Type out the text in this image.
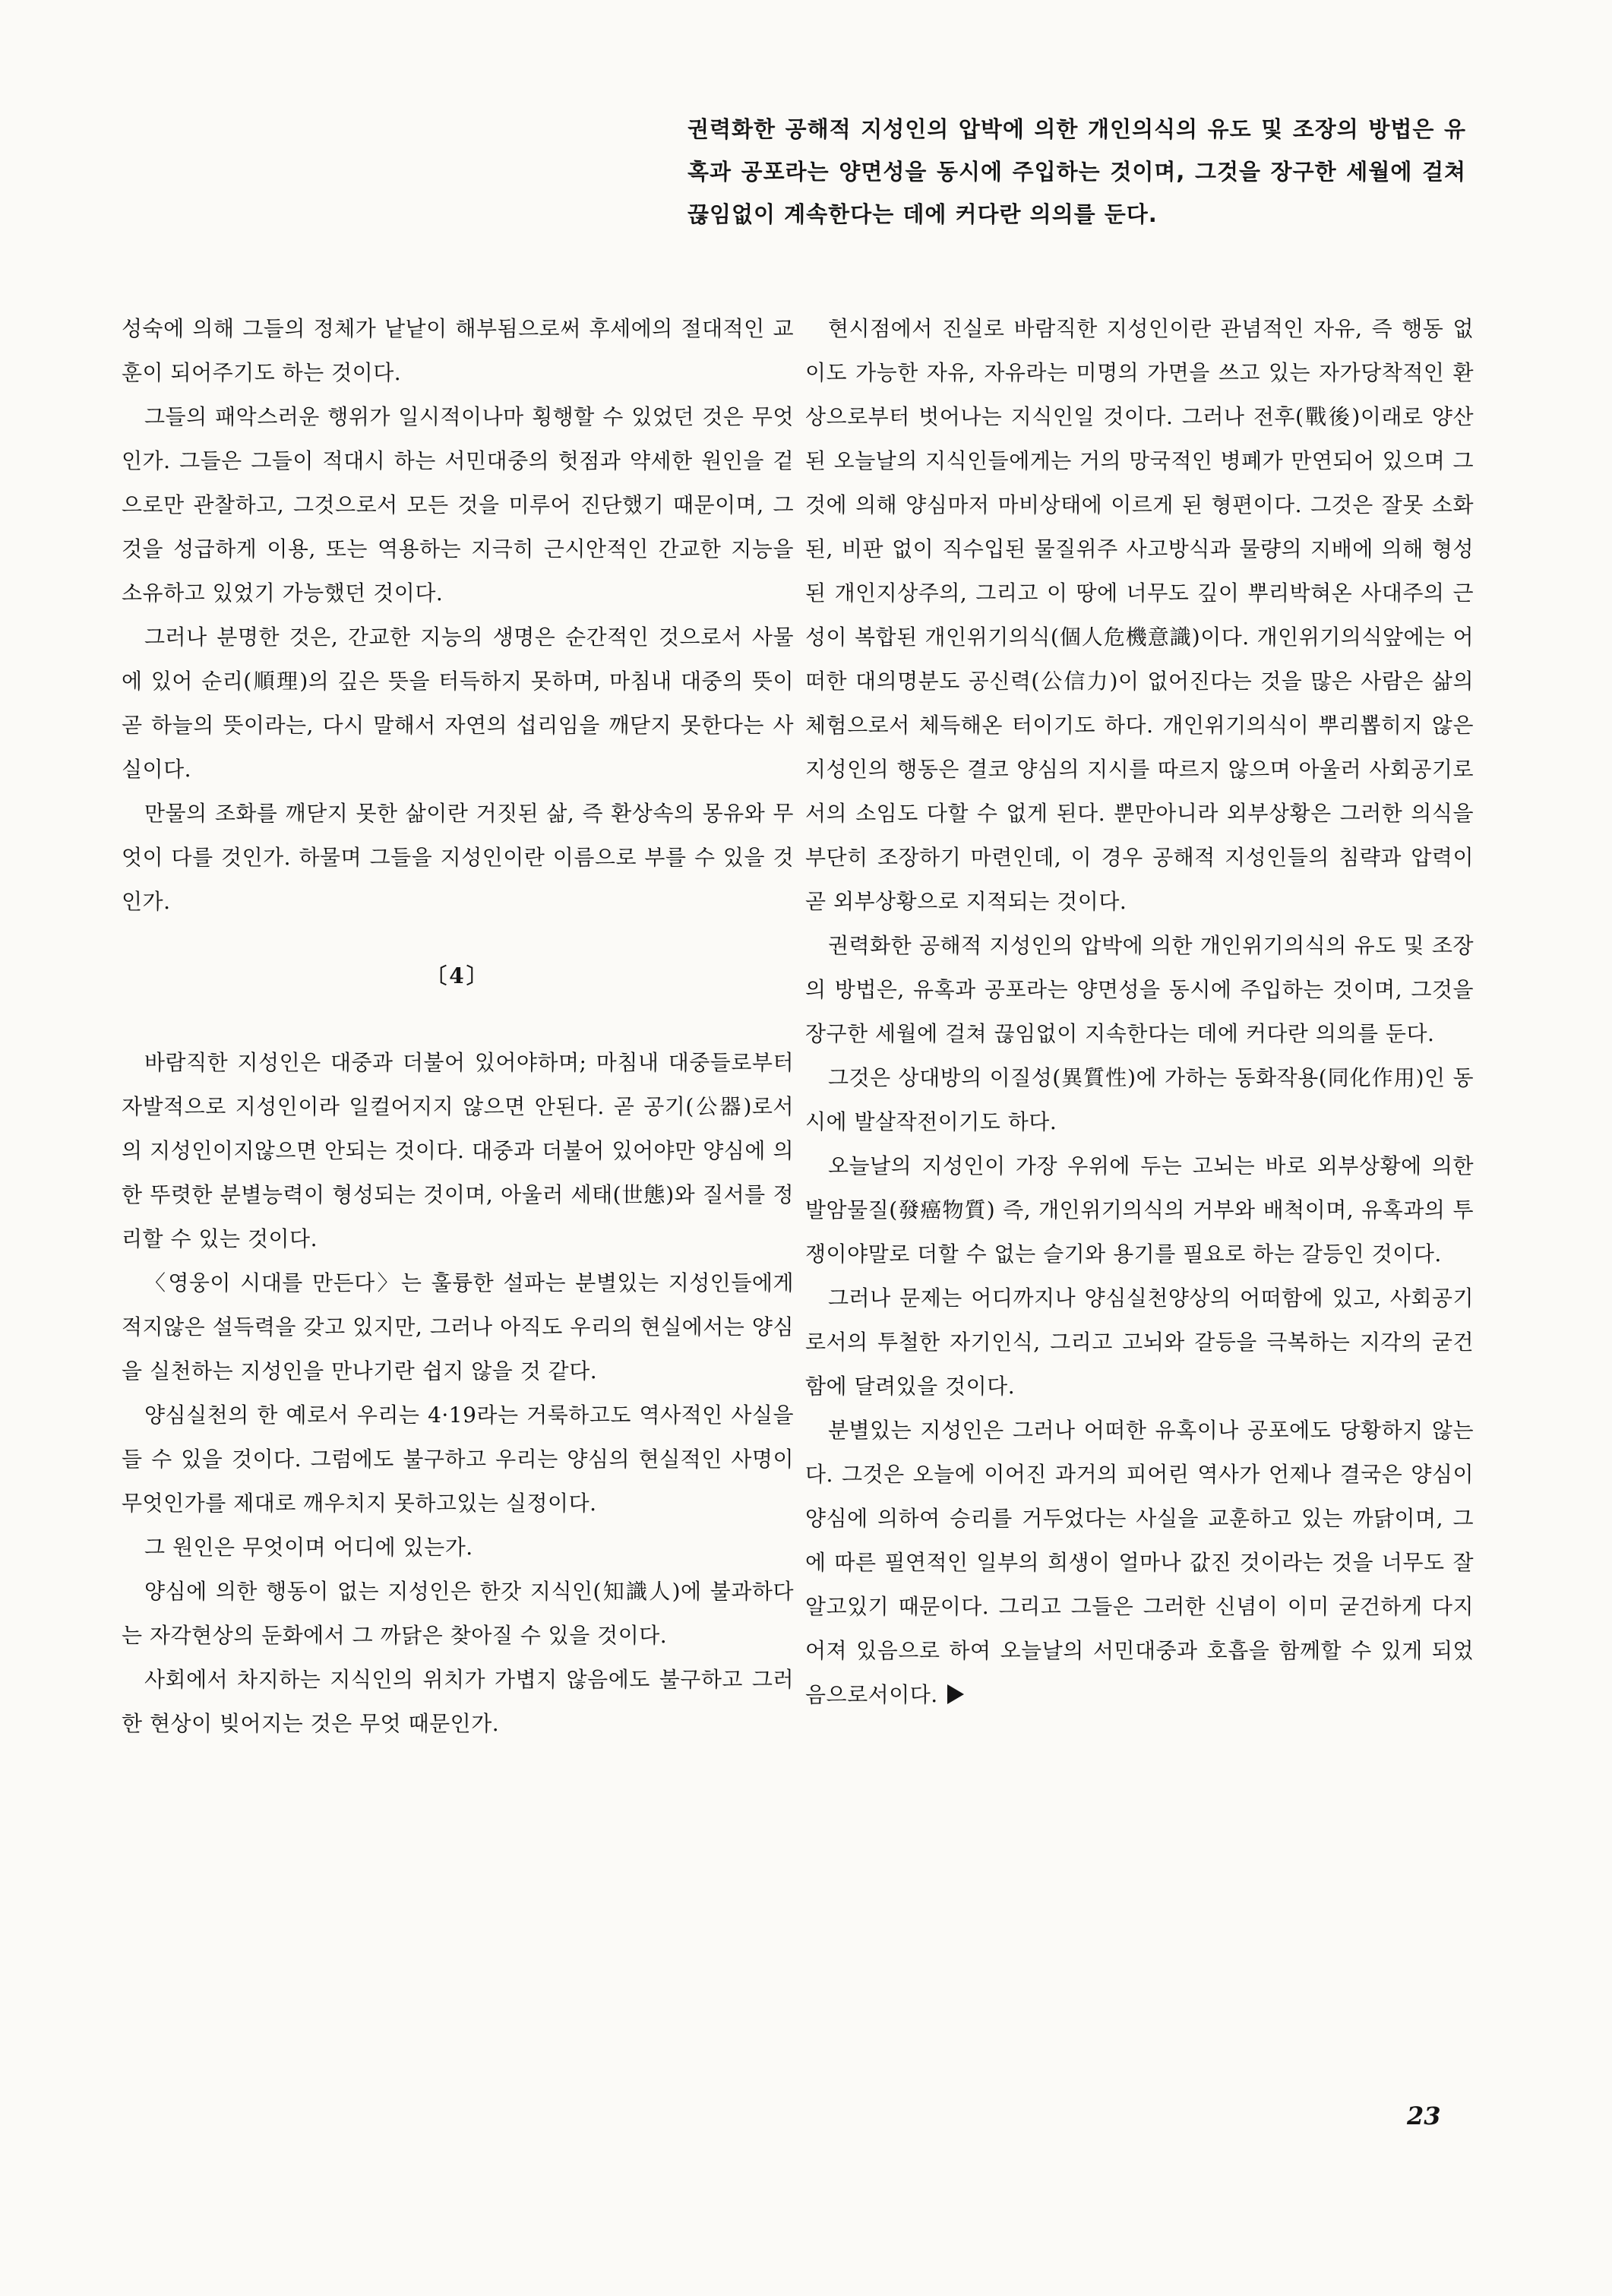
권력화한 공해적 지성인의 압박에 의한 개인의식의 유도 및 조장의 방법은 유혹과 공포라는 양면성을 동시에 주입하는 것이며, 그것을 장구한 세월에 걸쳐 끊임없이 계속한다는 데에 커다란 의의를 둔다.

성숙에 의해 그들의 정체가 낱낱이 해부됨으로써 후세에의 절대적인 교훈이 되어주기도 하는 것이다.

그들의 패악스러운 행위가 일시적이나마 횡행할 수 있었던 것은 무엇인가. 그들은 그들이 적대시 하는 서민대중의 헛점과 약세한 원인을 겉으로만 관찰하고, 그것으로서 모든 것을 미루어 진단했기 때문이며, 그것을 성급하게 이용, 또는 역용하는 지극히 근시안적인 간교한 지능을 소유하고 있었기 가능했던 것이다.

그러나 분명한 것은, 간교한 지능의 생명은 순간적인 것으로서 사물에 있어 순리(順理)의 깊은 뜻을 터득하지 못하며, 마침내 대중의 뜻이 곧 하늘의 뜻이라는, 다시 말해서 자연의 섭리임을 깨닫지 못한다는 사실이다.

만물의 조화를 깨닫지 못한 삶이란 거짓된 삶, 즉 환상속의 몽유와 무엇이 다를 것인가. 하물며 그들을 지성인이란 이름으로 부를 수 있을 것인가.

〔4〕

바람직한 지성인은 대중과 더불어 있어야하며; 마침내 대중들로부터 자발적으로 지성인이라 일컬어지지 않으면 안된다. 곧 공기(公器)로서의 지성인이지않으면 안되는 것이다. 대중과 더불어 있어야만 양심에 의한 뚜렷한 분별능력이 형성되는 것이며, 아울러 세태(世態)와 질서를 정리할 수 있는 것이다.

〈영웅이 시대를 만든다〉는 훌륭한 설파는 분별있는 지성인들에게 적지않은 설득력을 갖고 있지만, 그러나 아직도 우리의 현실에서는 양심을 실천하는 지성인을 만나기란 쉽지 않을 것 같다.

양심실천의 한 예로서 우리는 4·19라는 거룩하고도 역사적인 사실을 들 수 있을 것이다. 그럼에도 불구하고 우리는 양심의 현실적인 사명이 무엇인가를 제대로 깨우치지 못하고있는 실정이다.

그 원인은 무엇이며 어디에 있는가.

양심에 의한 행동이 없는 지성인은 한갓 지식인(知識人)에 불과하다는 자각현상의 둔화에서 그 까닭은 찾아질 수 있을 것이다.

사회에서 차지하는 지식인의 위치가 가볍지 않음에도 불구하고 그러한 현상이 빚어지는 것은 무엇 때문인가.

현시점에서 진실로 바람직한 지성인이란 관념적인 자유, 즉 행동 없이도 가능한 자유, 자유라는 미명의 가면을 쓰고 있는 자가당착적인 환상으로부터 벗어나는 지식인일 것이다. 그러나 전후(戰後)이래로 양산된 오늘날의 지식인들에게는 거의 망국적인 병폐가 만연되어 있으며 그것에 의해 양심마저 마비상태에 이르게 된 형편이다. 그것은 잘못 소화된, 비판 없이 직수입된 물질위주 사고방식과 물량의 지배에 의해 형성된 개인지상주의, 그리고 이 땅에 너무도 깊이 뿌리박혀온 사대주의 근성이 복합된 개인위기의식(個人危機意識)이다. 개인위기의식앞에는 어떠한 대의명분도 공신력(公信力)이 없어진다는 것을 많은 사람은 삶의 체험으로서 체득해온 터이기도 하다. 개인위기의식이 뿌리뽑히지 않은 지성인의 행동은 결코 양심의 지시를 따르지 않으며 아울러 사회공기로서의 소임도 다할 수 없게 된다. 뿐만아니라 외부상황은 그러한 의식을 부단히 조장하기 마련인데, 이 경우 공해적 지성인들의 침략과 압력이 곧 외부상황으로 지적되는 것이다.

권력화한 공해적 지성인의 압박에 의한 개인위기의식의 유도 및 조장의 방법은, 유혹과 공포라는 양면성을 동시에 주입하는 것이며, 그것을 장구한 세월에 걸쳐 끊임없이 지속한다는 데에 커다란 의의를 둔다.

그것은 상대방의 이질성(異質性)에 가하는 동화작용(同化作用)인 동시에 발살작전이기도 하다.

오늘날의 지성인이 가장 우위에 두는 고뇌는 바로 외부상황에 의한 발암물질(發癌物質) 즉, 개인위기의식의 거부와 배척이며, 유혹과의 투쟁이야말로 더할 수 없는 슬기와 용기를 필요로 하는 갈등인 것이다.

그러나 문제는 어디까지나 양심실천양상의 어떠함에 있고, 사회공기로서의 투철한 자기인식, 그리고 고뇌와 갈등을 극복하는 지각의 굳건함에 달려있을 것이다.

분별있는 지성인은 그러나 어떠한 유혹이나 공포에도 당황하지 않는다. 그것은 오늘에 이어진 과거의 피어린 역사가 언제나 결국은 양심이 양심에 의하여 승리를 거두었다는 사실을 교훈하고 있는 까닭이며, 그에 따른 필연적인 일부의 희생이 얼마나 값진 것이라는 것을 너무도 잘 알고있기 때문이다. 그리고 그들은 그러한 신념이 이미 굳건하게 다지어져 있음으로 하여 오늘날의 서민대중과 호흡을 함께할 수 있게 되었음으로서이다.

23
